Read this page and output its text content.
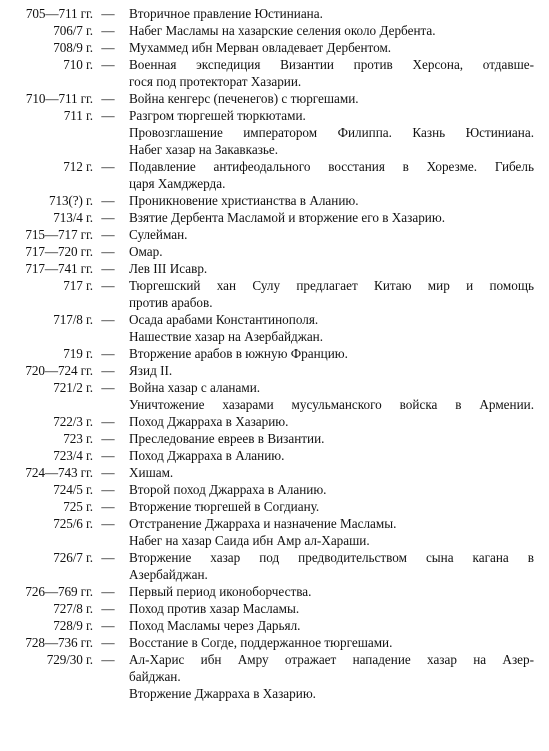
705—711 гг. — Вторичное правление Юстиниана.
706/7 г. — Набег Масламы на хазарские селения около Дербента.
708/9 г. — Мухаммед ибн Мерван овладевает Дербентом.
710 г. — Военная экспедиция Византии против Херсона, отдавше-
гося под протекторат Хазарии.
710—711 гг. — Война кенгерс (печенегов) с тюргешами.
711 г. — Разгром тюргешей тюркютами.
Провозглашение императором Филиппа. Казнь Юстиниана.
Набег хазар на Закавказье.
712 г. — Подавление антифеодального восстания в Хорезме. Гибель
царя Хамджерда.
713(?) г. — Проникновение христианства в Аланию.
713/4 г. — Взятие Дербента Масламой и вторжение его в Хазарию.
715—717 гг. — Сулейман.
717—720 гг. — Омар.
717—741 гг. — Лев III Исавр.
717 г. — Тюргешский хан Сулу предлагает Китаю мир и помощь
против арабов.
717/8 г. — Осада арабами Константинополя.
Нашествие хазар на Азербайджан.
719 г. — Вторжение арабов в южную Францию.
720—724 гг. — Язид II.
721/2 г. — Война хазар с аланами.
Уничтожение хазарами мусульманского войска в Армении.
722/3 г. — Поход Джарраха в Хазарию.
723 г. — Преследование евреев в Византии.
723/4 г. — Поход Джарраха в Аланию.
724—743 гг. — Хишам.
724/5 г. — Второй поход Джарраха в Аланию.
725 г. — Вторжение тюргешей в Согдиану.
725/6 г. — Отстранение Джарраха и назначение Масламы.
Набег на хазар Саида ибн Амр ал-Хараши.
726/7 г. — Вторжение хазар под предводительством сына кагана в
Азербайджан.
726—769 гг. — Первый период иконоборчества.
727/8 г. — Поход против хазар Масламы.
728/9 г. — Поход Масламы через Дарьял.
728—736 гг. — Восстание в Согде, поддержанное тюргешами.
729/30 г. — Ал-Харис ибн Амру отражает нападение хазар на Азер-
байджан.
Вторжение Джарраха в Хазарию.
